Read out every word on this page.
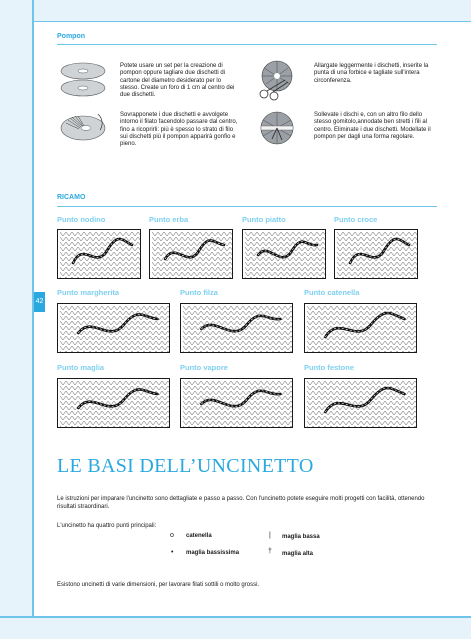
42
Pompon
Potete usare un set per la creazione di pompon oppure tagliare due dischetti di cartone del diametro desiderato per lo stesso. Create un foro di 1 cm al centro dei due dischetti.
Allargate leggermente i dischetti, inserite la punta di una forbice e tagliate sull'intera circonferenza.
Sovrapponete i due dischetti e avvolgete intorno il filato facendolo passare dal centro, fino a ricoprirli: più è spesso lo strato di filo sui dischetti più il pompon apparirà gonfio e pieno.
Sollevate i dischi e, con un altro filo dello stesso gomitolo,annodate ben stretti i fili al centro. Eliminate i due dischetti. Modellate il pompon per dagli una forma regolare.
RICAMO
Punto nodino	Punto erba	Punto piatto	Punto croce
Punto margherita	Punto filza	Punto catenella
Punto maglia	Punto vapore	Punto festone
LE BASI DELL’UNCINETTO
Le istruzioni per imparare l'uncinetto sono dettagliate e passo a passo. Con l'uncinetto potete eseguire molti progetti con facilità, ottenendo risultati straordinari.
L'uncinetto ha quattro punti principali:
o catenella	| maglia bassa
• maglia bassissima	† maglia alta
Esistono uncinetti di varie dimensioni, per lavorare filati sottili o molto grossi.
